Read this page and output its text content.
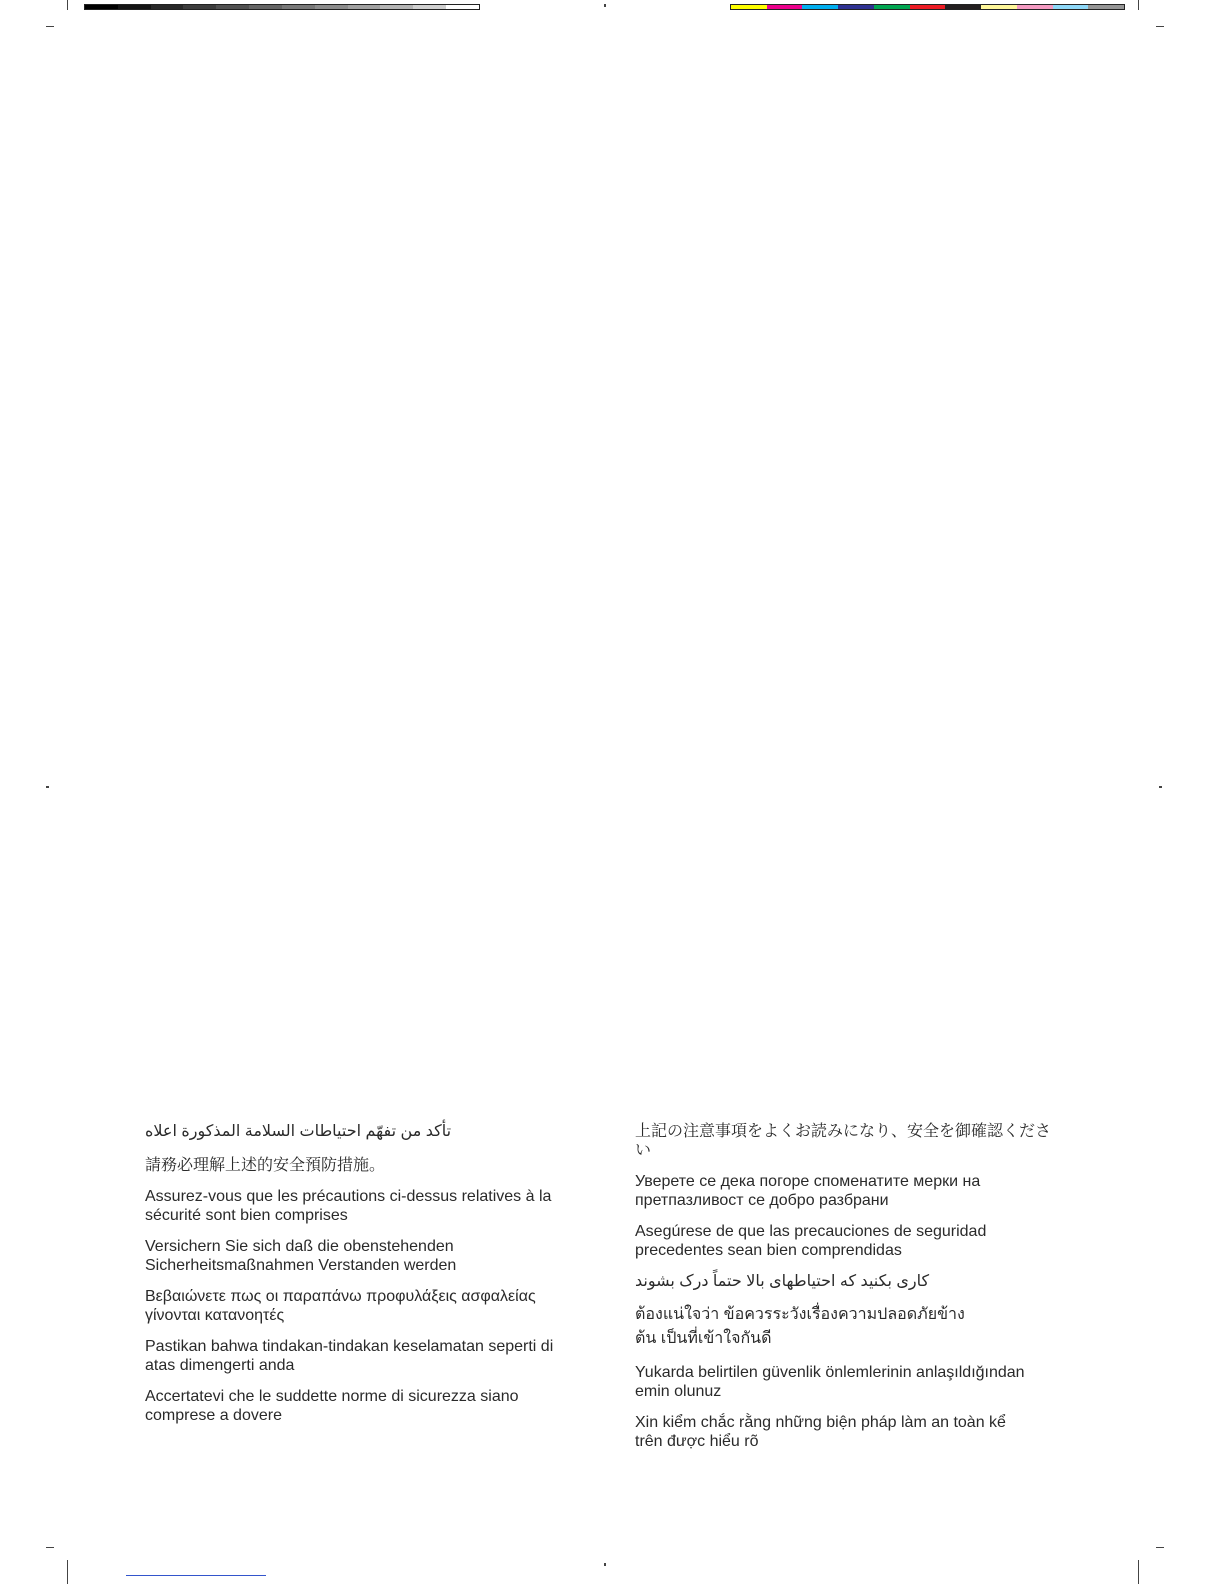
تأكد من تفهّم احتياطات السلامة المذكورة اعلاه

請務必理解上述的安全預防措施。

Assurez-vous que les précautions ci-dessus relatives à la sécurité sont bien comprises

Versichern Sie sich daß die obenstehenden Sicherheitsmaßnahmen Verstanden werden

Βεβαιώνετε πως οι παραπάνω προφυλάξεις ασφαλείας γίνονται κατανοητές

Pastikan bahwa tindakan-tindakan keselamatan seperti di atas dimengerti anda

Accertatevi che le suddette norme di sicurezza siano comprese a dovere

上記の注意事項をよくお読みになり、安全を御確認ください

Уверете се дека погоре споменатите мерки на претпазливост се добро разбрани

Asegúrese de que las precauciones de seguridad precedentes sean bien comprendidas

کاری بکنید که احتیاطهای بالا حتماً درک بشوند

ต้องแน่ใจว่า ข้อควรระวังเรื่องความปลอดภัยข้างต้น เป็นที่เข้าใจกันดี

Yukarda belirtilen güvenlik önlemlerinin anlaşıldığından emin olunuz

Xin kiểm chắc rằng những biện pháp làm an toàn kể trên được hiểu rõ
